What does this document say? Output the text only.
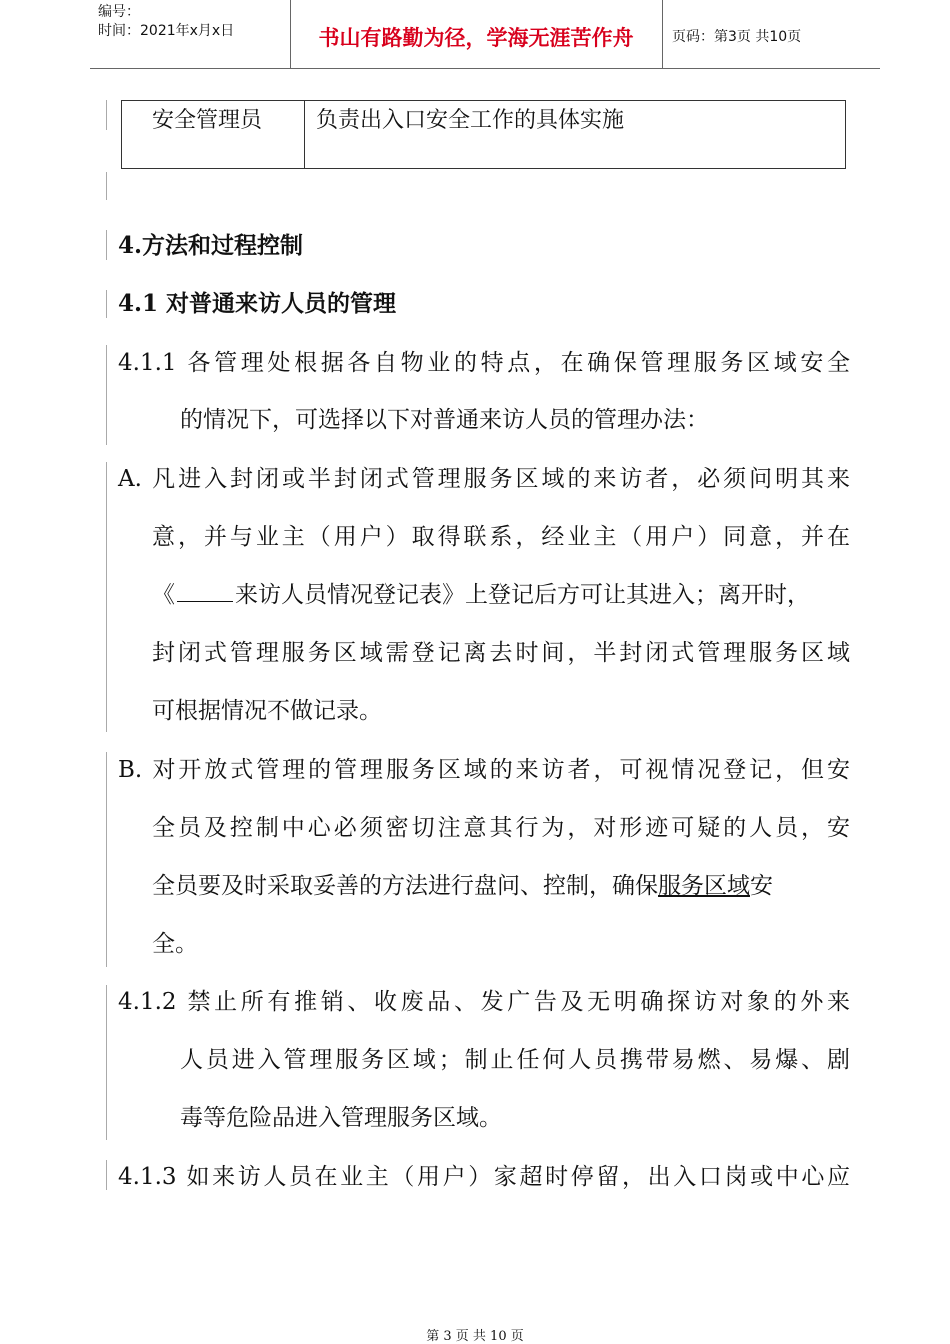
编号：
时间：2021年x月x日	书山有路勤为径，学海无涯苦作舟	页码：第3页 共10页
安全管理员 负责出入口安全工作的具体实施
4.方法和过程控制
4.1 对普通来访人员的管理
4.1.1 各管理处根据各自物业的特点，在确保管理服务区域安全
的情况下，可选择以下对普通来访人员的管理办法：
A. 凡进入封闭或半封闭式管理服务区域的来访者，必须问明其来
意，并与业主（用户）取得联系，经业主（用户）同意，并在
《	来访人员情况登记表》上登记后方可让其进入；离开时，
封闭式管理服务区域需登记离去时间，半封闭式管理服务区域
可根据情况不做记录。
B. 对开放式管理的管理服务区域的来访者，可视情况登记，但安
全员及控制中心必须密切注意其行为，对形迹可疑的人员，安
全员要及时采取妥善的方法进行盘问、控制，确保服务区域安
全。
4.1.2 禁止所有推销、收废品、发广告及无明确探访对象的外来
人员进入管理服务区域；制止任何人员携带易燃、易爆、剧
毒等危险品进入管理服务区域。
4.1.3 如来访人员在业主（用户）家超时停留，出入口岗或中心应
第 3 页 共 10 页
